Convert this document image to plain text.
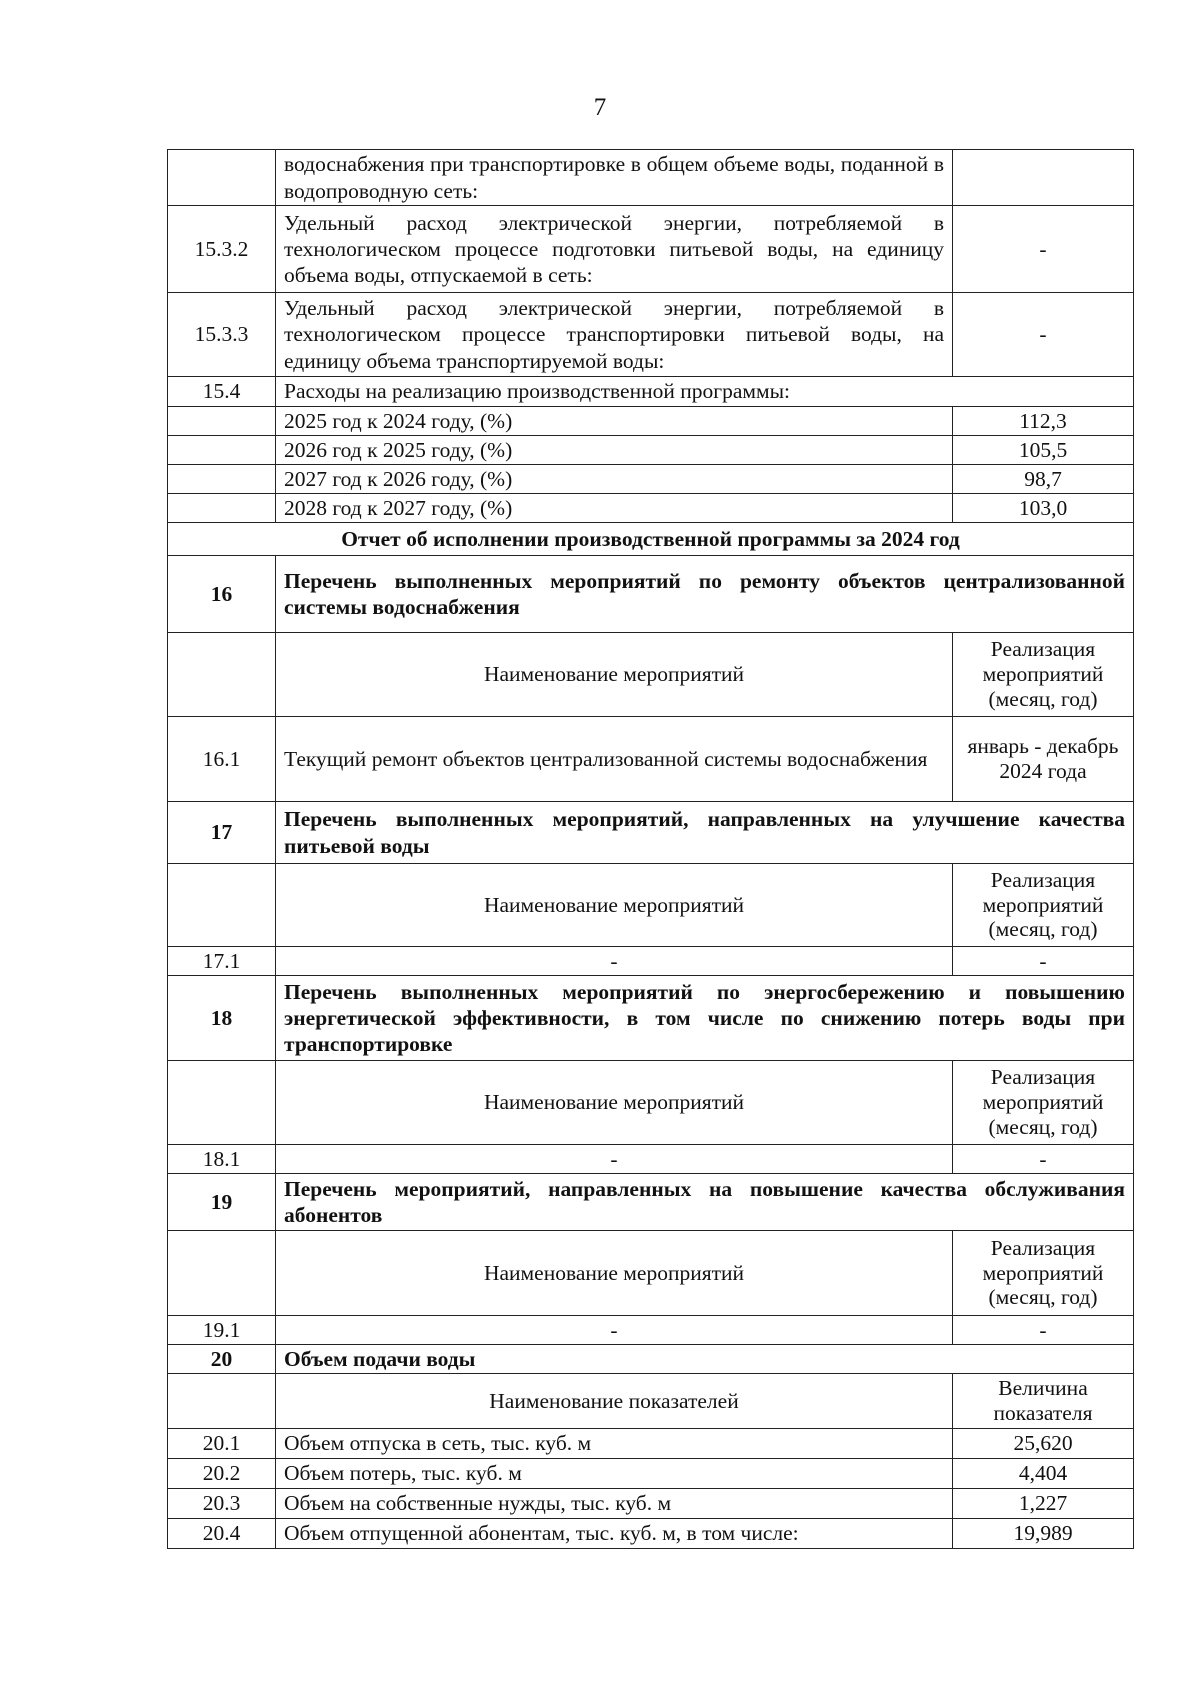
7
	водоснабжения при транспортировке в общем объеме воды, поданной в водопроводную сеть:	
15.3.2	Удельный расход электрической энергии, потребляемой в технологическом процессе подготовки питьевой воды, на единицу объема воды, отпускаемой в сеть:	-
15.3.3	Удельный расход электрической энергии, потребляемой в технологическом процессе транспортировки питьевой воды, на единицу объема транспортируемой воды:	-
15.4	Расходы на реализацию производственной программы:	
	2025 год к 2024 году, (%)	112,3
	2026 год к 2025 году, (%)	105,5
	2027 год к 2026 году, (%)	98,7
	2028 год к 2027 году, (%)	103,0
Отчет об исполнении производственной программы за 2024 год		
16	Перечень выполненных мероприятий по ремонту объектов централизованной системы водоснабжения	
	Наименование мероприятий	Реализация мероприятий (месяц, год)
16.1	Текущий ремонт объектов централизованной системы водоснабжения	январь - декабрь 2024 года
17	Перечень выполненных мероприятий, направленных на улучшение качества питьевой воды	
	Наименование мероприятий	Реализация мероприятий (месяц, год)
17.1	-	-
18	Перечень выполненных мероприятий по энергосбережению и повышению энергетической эффективности, в том числе по снижению потерь воды при транспортировке	
	Наименование мероприятий	Реализация мероприятий (месяц, год)
18.1	-	-
19	Перечень мероприятий, направленных на повышение качества обслуживания абонентов	
	Наименование мероприятий	Реализация мероприятий (месяц, год)
19.1	-	-
20	Объем подачи воды	
	Наименование показателей	Величина показателя
20.1	Объем отпуска в сеть, тыс. куб. м	25,620
20.2	Объем потерь, тыс. куб. м	4,404
20.3	Объем на собственные нужды, тыс. куб. м	1,227
20.4	Объем отпущенной абонентам, тыс. куб. м, в том числе:	19,989
